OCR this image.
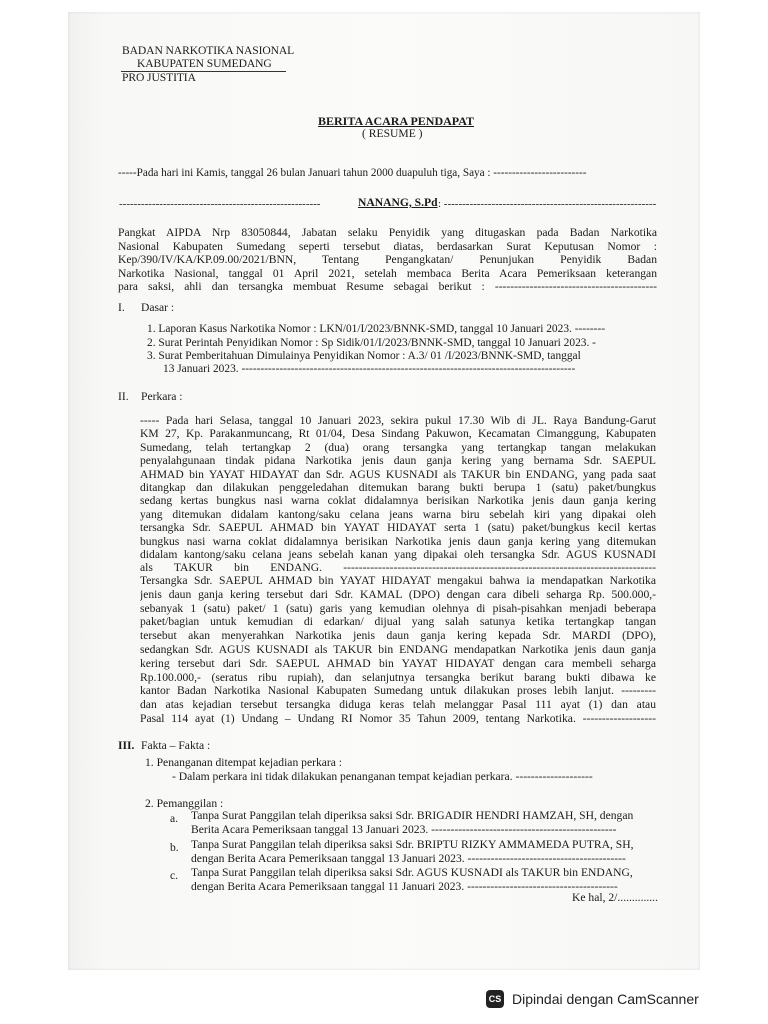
BADAN NARKOTIKA NASIONAL
KABUPATEN SUMEDANG
PRO JUSTITIA
BERITA ACARA PENDAPAT
( RESUME )
-----Pada hari ini Kamis, tanggal 26 bulan Januari tahun 2000 duapuluh tiga, Saya : -------------------------
-------------------------------------------------------	NANANG, S.Pd : ----------------------------------------------------------
Pangkat AIPDA Nrp 83050844, Jabatan selaku Penyidik yang ditugaskan pada Badan Narkotika
Nasional Kabupaten Sumedang seperti tersebut diatas, berdasarkan Surat Keputusan Nomor :
Kep/390/IV/KA/KP.09.00/2021/BNN, Tentang Pengangkatan/ Penunjukan Penyidik Badan
Narkotika Nasional, tanggal 01 April 2021, setelah membaca Berita Acara Pemeriksaan keterangan
para saksi, ahli dan tersangka membuat Resume sebagai berikut : ------------------------------------------
I. Dasar :
1. Laporan Kasus Narkotika Nomor : LKN/01/I/2023/BNNK-SMD, tanggal 10 Januari 2023. --------
2. Surat Perintah Penyidikan Nomor : Sp Sidik/01/I/2023/BNNK-SMD, tanggal 10 Januari 2023. -
3. Surat Pemberitahuan Dimulainya Penyidikan Nomor : A.3/ 01 /I/2023/BNNK-SMD, tanggal
13 Januari 2023. ----------------------------------------------------------------------------------------
II. Perkara :
----- Pada hari Selasa, tanggal 10 Januari 2023, sekira pukul 17.30 Wib di JL. Raya Bandung-Garut
KM 27, Kp. Parakanmuncang, Rt 01/04, Desa Sindang Pakuwon, Kecamatan Cimanggung, Kabupaten
Sumedang, telah tertangkap 2 (dua) orang tersangka yang tertangkap tangan melakukan
penyalahgunaan tindak pidana Narkotika jenis daun ganja kering yang bernama Sdr. SAEPUL
AHMAD bin YAYAT HIDAYAT dan Sdr. AGUS KUSNADI als TAKUR bin ENDANG, yang pada saat
ditangkap dan dilakukan penggeledahan ditemukan barang bukti berupa 1 (satu) paket/bungkus
sedang kertas bungkus nasi warna coklat didalamnya berisikan Narkotika jenis daun ganja kering
yang ditemukan didalam kantong/saku celana jeans warna biru sebelah kiri yang dipakai oleh
tersangka Sdr. SAEPUL AHMAD bin YAYAT HIDAYAT serta 1 (satu) paket/bungkus kecil kertas
bungkus nasi warna coklat didalamnya berisikan Narkotika jenis daun ganja kering yang ditemukan
didalam kantong/saku celana jeans sebelah kanan yang dipakai oleh tersangka Sdr. AGUS KUSNADI
als TAKUR bin ENDANG. ---------------------------------------------------------------------------------
Tersangka Sdr. SAEPUL AHMAD bin YAYAT HIDAYAT mengakui bahwa ia mendapatkan Narkotika
jenis daun ganja kering tersebut dari Sdr. KAMAL (DPO) dengan cara dibeli seharga Rp. 500.000,-
sebanyak 1 (satu) paket/ 1 (satu) garis yang kemudian olehnya di pisah-pisahkan menjadi beberapa
paket/bagian untuk kemudian di edarkan/ dijual yang salah satunya ketika tertangkap tangan
tersebut akan menyerahkan Narkotika jenis daun ganja kering kepada Sdr. MARDI (DPO),
sedangkan Sdr. AGUS KUSNADI als TAKUR bin ENDANG mendapatkan Narkotika jenis daun ganja
kering tersebut dari Sdr. SAEPUL AHMAD bin YAYAT HIDAYAT dengan cara membeli seharga
Rp.100.000,- (seratus ribu rupiah), dan selanjutnya tersangka berikut barang bukti dibawa ke
kantor Badan Narkotika Nasional Kabupaten Sumedang untuk dilakukan proses lebih lanjut. ---------
dan atas kejadian tersebut tersangka diduga keras telah melanggar Pasal 111 ayat (1) dan atau
Pasal 114 ayat (1) Undang – Undang RI Nomor 35 Tahun 2009, tentang Narkotika. -------------------
III. Fakta – Fakta :
1. Penanganan ditempat kejadian perkara :
- Dalam perkara ini tidak dilakukan penanganan tempat kejadian perkara. --------------------
2. Pemanggilan :
a. Tanpa Surat Panggilan telah diperiksa saksi Sdr. BRIGADIR HENDRI HAMZAH, SH, dengan
Berita Acara Pemeriksaan tanggal 13 Januari 2023. ------------------------------------------------
b. Tanpa Surat Panggilan telah diperiksa saksi Sdr. BRIPTU RIZKY AMMAMEDA PUTRA, SH,
dengan Berita Acara Pemeriksaan tanggal 13 Januari 2023. -----------------------------------------
c. Tanpa Surat Panggilan telah diperiksa saksi Sdr. AGUS KUSNADI als TAKUR bin ENDANG,
dengan Berita Acara Pemeriksaan tanggal 11 Januari 2023. ---------------------------------------
Ke hal, 2/..............
CS Dipindai dengan CamScanner
